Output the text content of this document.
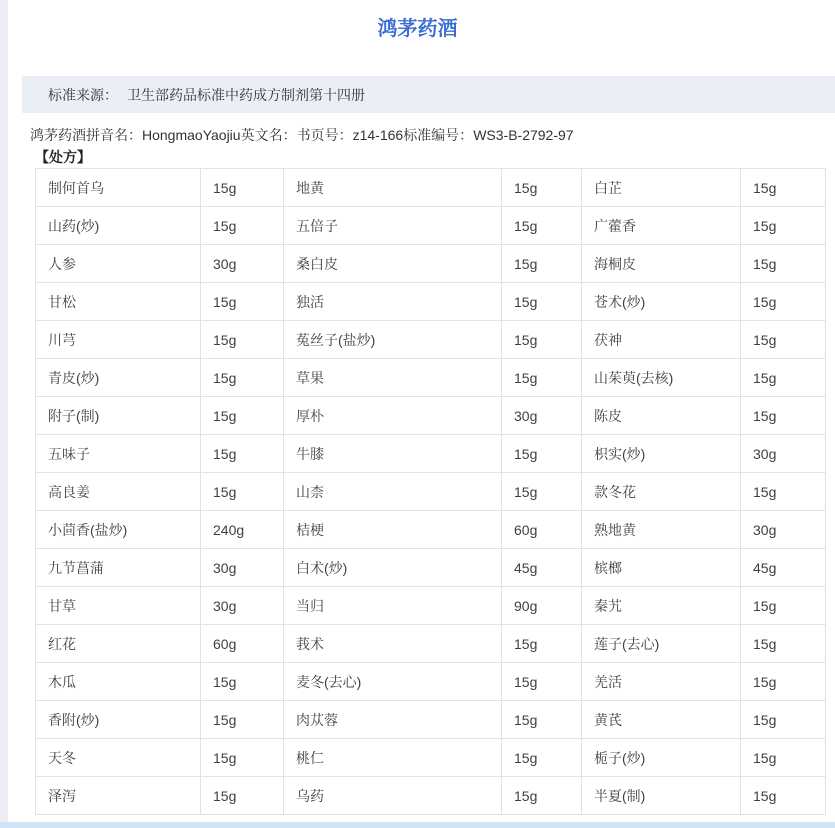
鸿茅药酒
标准来源： 卫生部药品标准中药成方制剂第十四册
鸿茅药酒拼音名：HongmaoYaojiu英文名：书页号：z14-166标准编号：WS3-B-2792-97
【处方】
制何首乌	15g	地黄	15g	白芷	15g
山药(炒)	15g	五倍子	15g	广藿香	15g
人参	30g	桑白皮	15g	海桐皮	15g
甘松	15g	独活	15g	苍术(炒)	15g
川芎	15g	菟丝子(盐炒)	15g	茯神	15g
青皮(炒)	15g	草果	15g	山茱萸(去核)	15g
附子(制)	15g	厚朴	30g	陈皮	15g
五味子	15g	牛膝	15g	枳实(炒)	30g
高良姜	15g	山柰	15g	款冬花	15g
小茴香(盐炒)	240g	桔梗	60g	熟地黄	30g
九节菖蒲	30g	白术(炒)	45g	槟榔	45g
甘草	30g	当归	90g	秦艽	15g
红花	60g	莪术	15g	莲子(去心)	15g
木瓜	15g	麦冬(去心)	15g	羌活	15g
香附(炒)	15g	肉苁蓉	15g	黄芪	15g
天冬	15g	桃仁	15g	栀子(炒)	15g
泽泻	15g	乌药	15g	半夏(制)	15g
